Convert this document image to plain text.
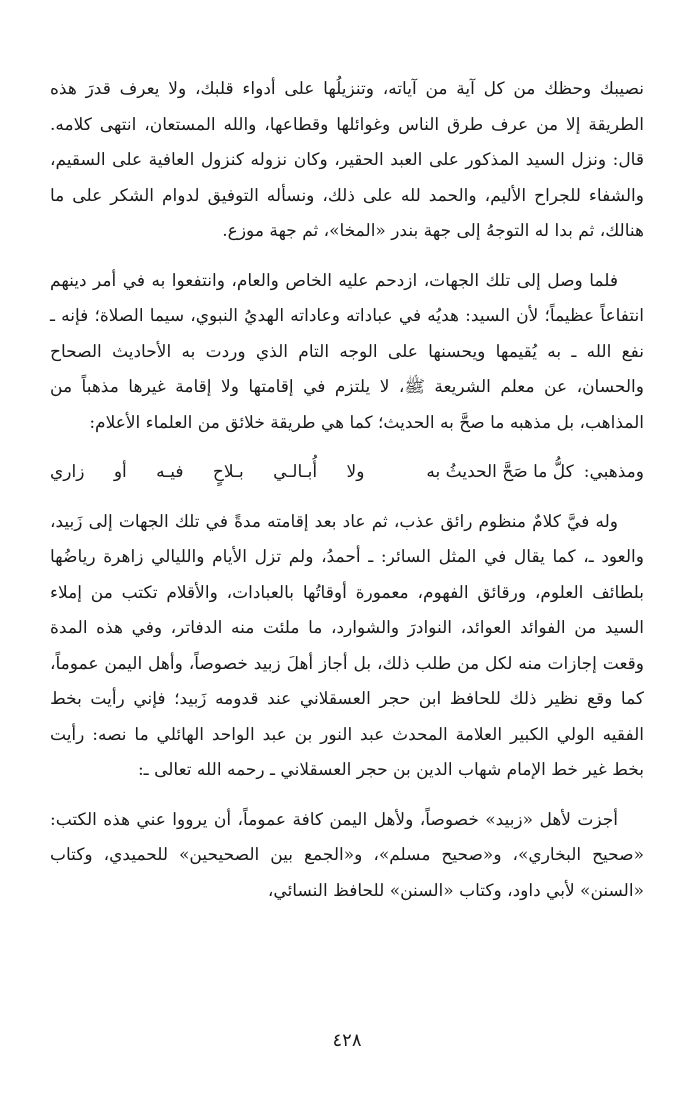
نصيبك وحظك من كل آية من آياته، وتنزيلُها على أدواء قلبك، ولا يعرف قدرَ هذه الطريقة إلا من عرف طرق الناس وغوائلها وقطاعها، والله المستعان، انتهى كلامه. قال: ونزل السيد المذكور على العبد الحقير، وكان نزوله كنزول العافية على السقيم، والشفاء للجراح الأليم، والحمد لله على ذلك، ونسأله التوفيق لدوام الشكر على ما هنالك، ثم بدا له التوجهُ إلى جهة بندر «المخا»، ثم جهة موزع.

فلما وصل إلى تلك الجهات، ازدحم عليه الخاص والعام، وانتفعوا به في أمر دينهم انتفاعاً عظيماً؛ لأن السيد: هديُه في عباداته وعاداته الهديُ النبوي، سيما الصلاة؛ فإنه ـ نفع الله ـ به يُقيمها ويحسنها على الوجه التام الذي وردت به الأحاديث الصحاح والحسان، عن معلم الشريعة ﷺ، لا يلتزم في إقامتها ولا إقامة غيرها مذهباً من المذاهب، بل مذهبه ما صحَّ به الحديث؛ كما هي طريقة خلائق من العلماء الأعلام:

ومذهبي:
كلُّ ما صَحَّ الحديثُ به
ولا أُبـالـي بـلاحٍ فيـه أو زاري

وله فيَّ كلامٌ منظوم رائق عذب، ثم عاد بعد إقامته مدةً في تلك الجهات إلى زَبيد، والعود ـ، كما يقال في المثل السائر: ـ أحمدُ، ولم تزل الأيام والليالي زاهرة رياضُها بلطائف العلوم، ورقائق الفهوم، معمورة أوقاتُها بالعبادات، والأقلام تكتب من إملاء السيد من الفوائد العوائد، النوادرَ والشوارد، ما ملئت منه الدفاتر، وفي هذه المدة وقعت إجازات منه لكل من طلب ذلك، بل أجاز أهلَ زبيد خصوصاً، وأهل اليمن عموماً، كما وقع نظير ذلك للحافظ ابن حجر العسقلاني عند قدومه زَبيد؛ فإني رأيت بخط الفقيه الولي الكبير العلامة المحدث عبد النور بن عبد الواحد الهائلي ما نصه: رأيت بخط غير خط الإمام شهاب الدين بن حجر العسقلاني ـ رحمه الله تعالى ـ:

أجزت لأهل «زبيد» خصوصاً، ولأهل اليمن كافة عموماً، أن يرووا عني هذه الكتب: «صحيح البخاري»، و«صحيح مسلم»، و«الجمع بين الصحيحين» للحميدي، وكتاب «السنن» لأبي داود، وكتاب «السنن» للحافظ النسائي،

٤٢٨
